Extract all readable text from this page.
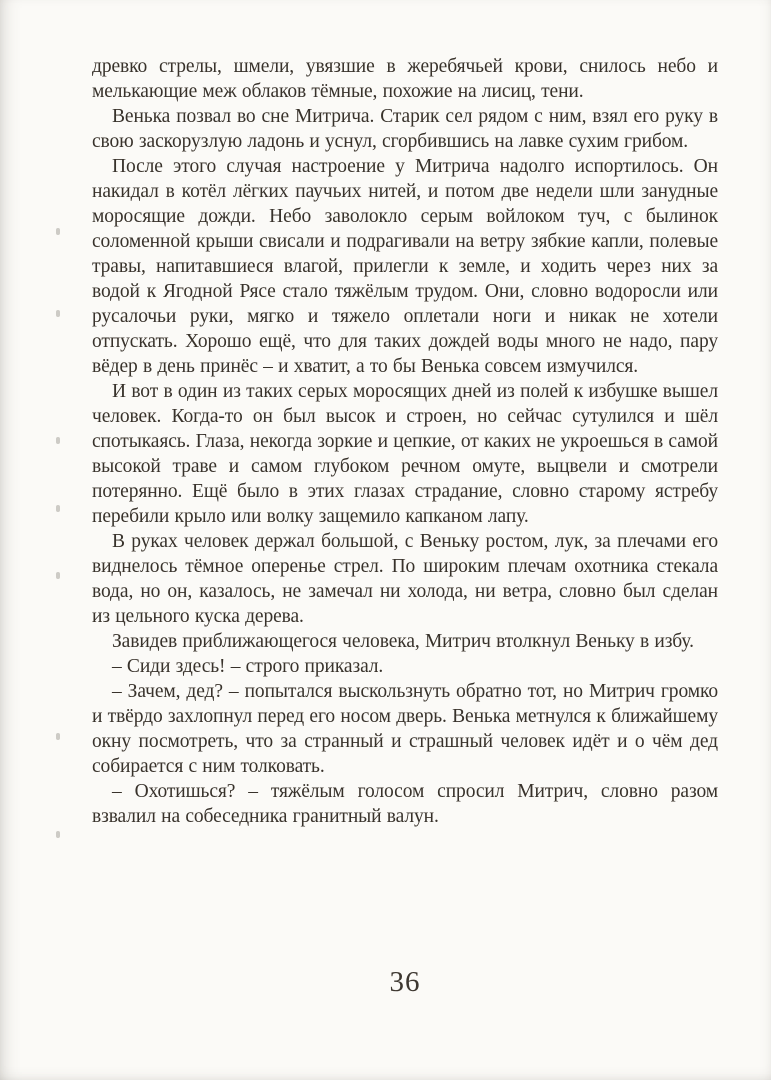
древко стрелы, шмели, увязшие в жеребячьей крови, снилось небо и мелькающие меж облаков тёмные, похожие на лисиц, тени.

Венька позвал во сне Митрича. Старик сел рядом с ним, взял его руку в свою заскорузлую ладонь и уснул, сгорбившись на лавке сухим грибом.

После этого случая настроение у Митрича надолго испортилось. Он накидал в котёл лёгких паучьих нитей, и потом две недели шли занудные моросящие дожди. Небо заволокло серым войлоком туч, с былинок соломенной крыши свисали и подрагивали на ветру зябкие капли, полевые травы, напитавшиеся влагой, прилегли к земле, и ходить через них за водой к Ягодной Рясе стало тяжёлым трудом. Они, словно водоросли или русалочьи руки, мягко и тяжело оплетали ноги и никак не хотели отпускать. Хорошо ещё, что для таких дождей воды много не надо, пару вёдер в день принёс – и хватит, а то бы Венька совсем измучился.

И вот в один из таких серых моросящих дней из полей к избушке вышел человек. Когда-то он был высок и строен, но сейчас сутулился и шёл спотыкаясь. Глаза, некогда зоркие и цепкие, от каких не укроешься в самой высокой траве и самом глубоком речном омуте, выцвели и смотрели потерянно. Ещё было в этих глазах страдание, словно старому ястребу перебили крыло или волку защемило капканом лапу.

В руках человек держал большой, с Веньку ростом, лук, за плечами его виднелось тёмное оперенье стрел. По широким плечам охотника стекала вода, но он, казалось, не замечал ни холода, ни ветра, словно был сделан из цельного куска дерева.

Завидев приближающегося человека, Митрич втолкнул Веньку в избу.

– Сиди здесь! – строго приказал.

– Зачем, дед? – попытался выскользнуть обратно тот, но Митрич громко и твёрдо захлопнул перед его носом дверь. Венька метнулся к ближайшему окну посмотреть, что за странный и страшный человек идёт и о чём дед собирается с ним толковать.

– Охотишься? – тяжёлым голосом спросил Митрич, словно разом взвалил на собеседника гранитный валун.

36
